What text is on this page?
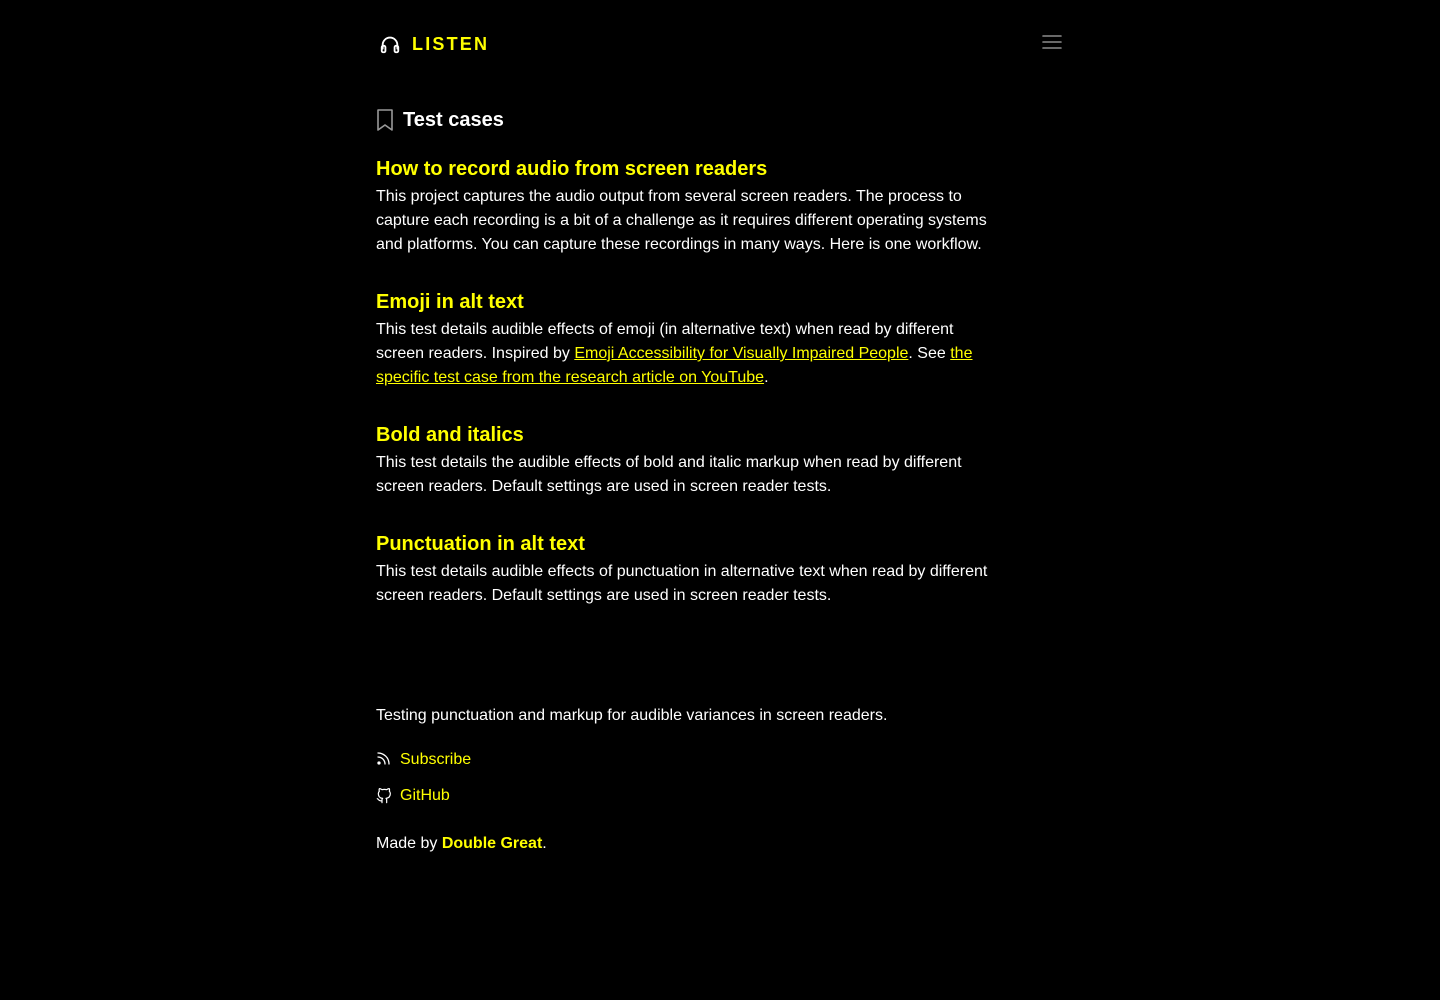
LISTEN
Test cases
How to record audio from screen readers

This project captures the audio output from several screen readers. The process to capture each recording is a bit of a challenge as it requires different operating systems and platforms. You can capture these recordings in many ways. Here is one workflow.

Emoji in alt text

This test details audible effects of emoji (in alternative text) when read by different screen readers. Inspired by Emoji Accessibility for Visually Impaired People. See the specific test case from the research article on YouTube.

Bold and italics

This test details the audible effects of bold and italic markup when read by different screen readers. Default settings are used in screen reader tests.

Punctuation in alt text

This test details audible effects of punctuation in alternative text when read by different screen readers. Default settings are used in screen reader tests.

Testing punctuation and markup for audible variances in screen readers.

Subscribe
GitHub

Made by Double Great.
